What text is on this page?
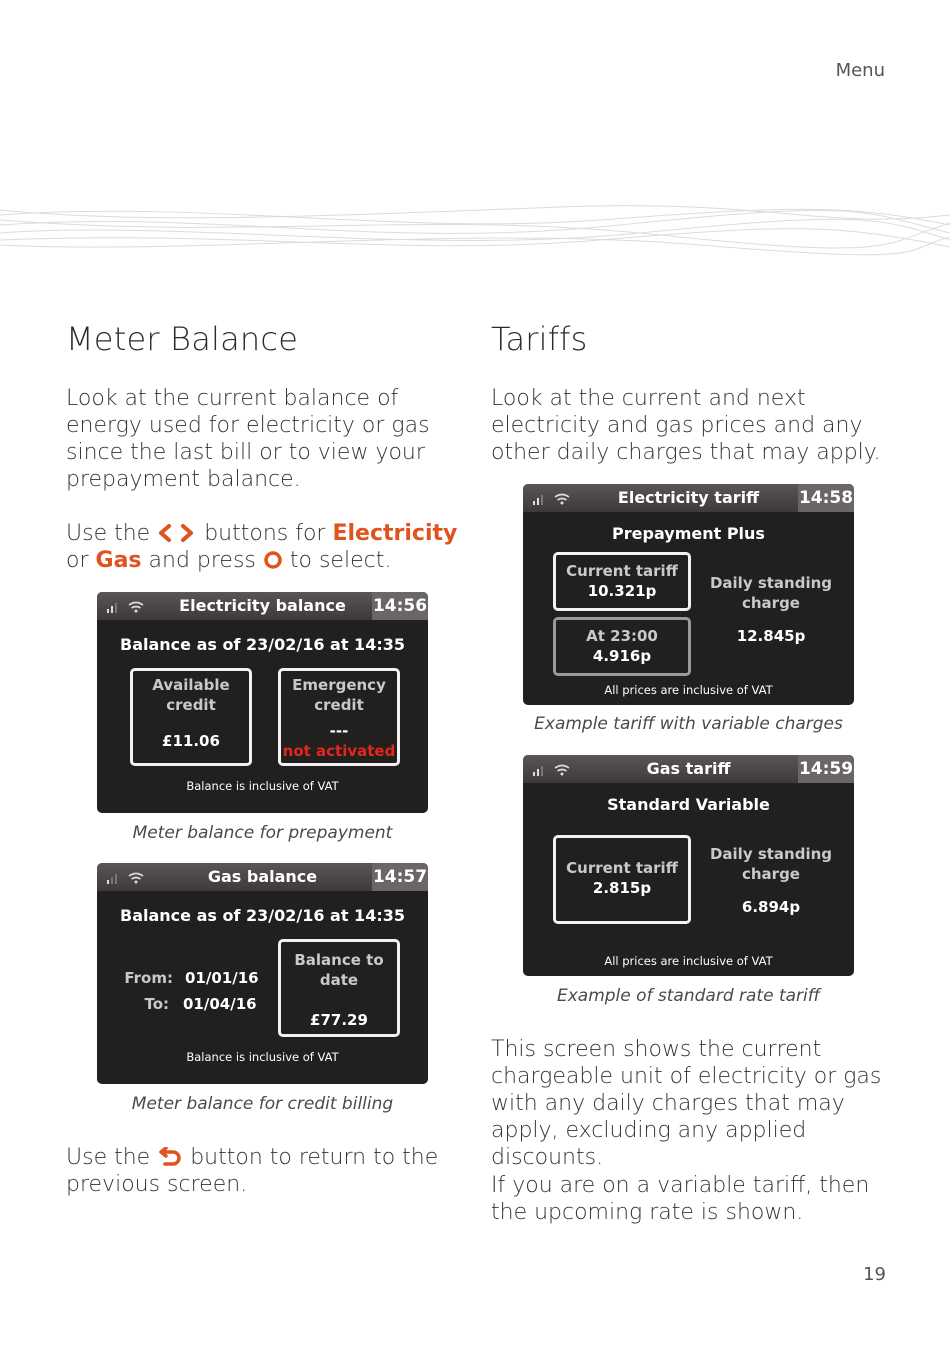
Menu
Meter Balance
Look at the current balance of energy used for electricity or gas since the last bill or to view your prepayment balance.
Use the buttons for Electricity or Gas and press to select.
Electricity balance	14:56
Balance as of 23/02/16 at 14:35
Available
credit
£11.06
Emergency
credit
---
not activated
Balance is inclusive of VAT
Meter balance for prepayment
Gas balance	14:57
Balance as of 23/02/16 at 14:35
From: 01/01/16
To: 01/04/16
Balance to date
£77.29
Balance is inclusive of VAT
Meter balance for credit billing
Use the button to return to the previous screen.
Tariffs
Look at the current and next electricity and gas prices and any other daily charges that may apply.
Electricity tariff	14:58
Prepayment Plus
Current tariff
10.321p
At 23:00
4.916p
Daily standing
charge
12.845p
All prices are inclusive of VAT
Example tariff with variable charges
Gas tariff	14:59
Standard Variable
Current tariff
2.815p
Daily standing
charge
6.894p
All prices are inclusive of VAT
Example of standard rate tariff
This screen shows the current chargeable unit of electricity or gas with any daily charges that may apply, excluding any applied discounts.
If you are on a variable tariff, then the upcoming rate is shown.
19
